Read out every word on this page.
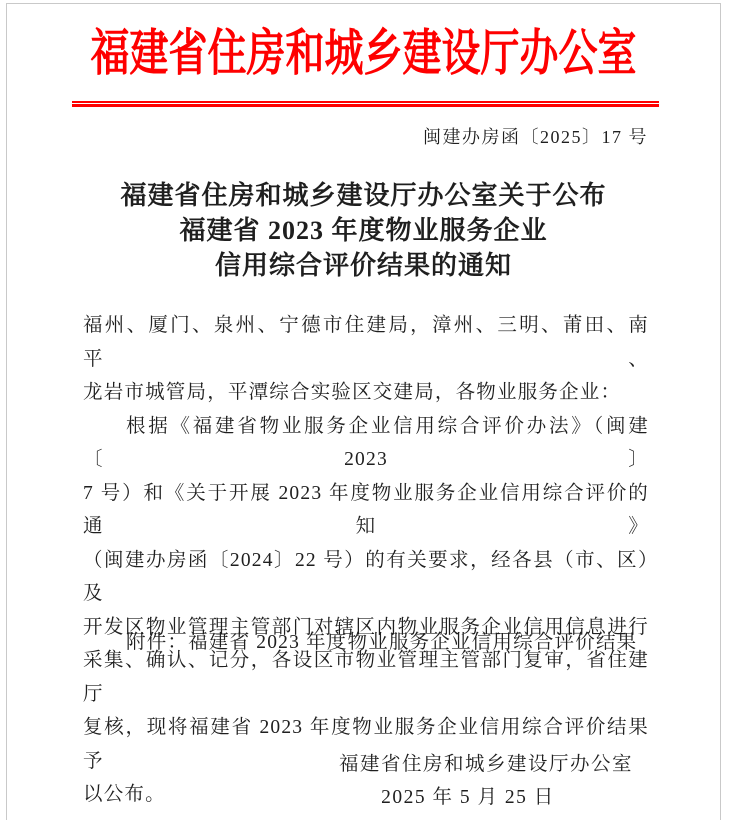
福建省住房和城乡建设厅办公室
闽建办房函〔2025〕17 号
福建省住房和城乡建设厅办公室关于公布
福建省 2023 年度物业服务企业
信用综合评价结果的通知

福州、厦门、泉州、宁德市住建局，漳州、三明、莆田、南平、

龙岩市城管局，平潭综合实验区交建局，各物业服务企业：

根据《福建省物业服务企业信用综合评价办法》（闽建〔2023〕

7 号）和《关于开展 2023 年度物业服务企业信用综合评价的通知》

（闽建办房函〔2024〕22 号）的有关要求，经各县（市、区）及

开发区物业管理主管部门对辖区内物业服务企业信用信息进行

采集、确认、记分，各设区市物业管理主管部门复审，省住建厅

复核，现将福建省 2023 年度物业服务企业信用综合评价结果予

以公布。

附件：福建省 2023 年度物业服务企业信用综合评价结果
福建省住房和城乡建设厅办公室
2025 年 5 月 25 日
